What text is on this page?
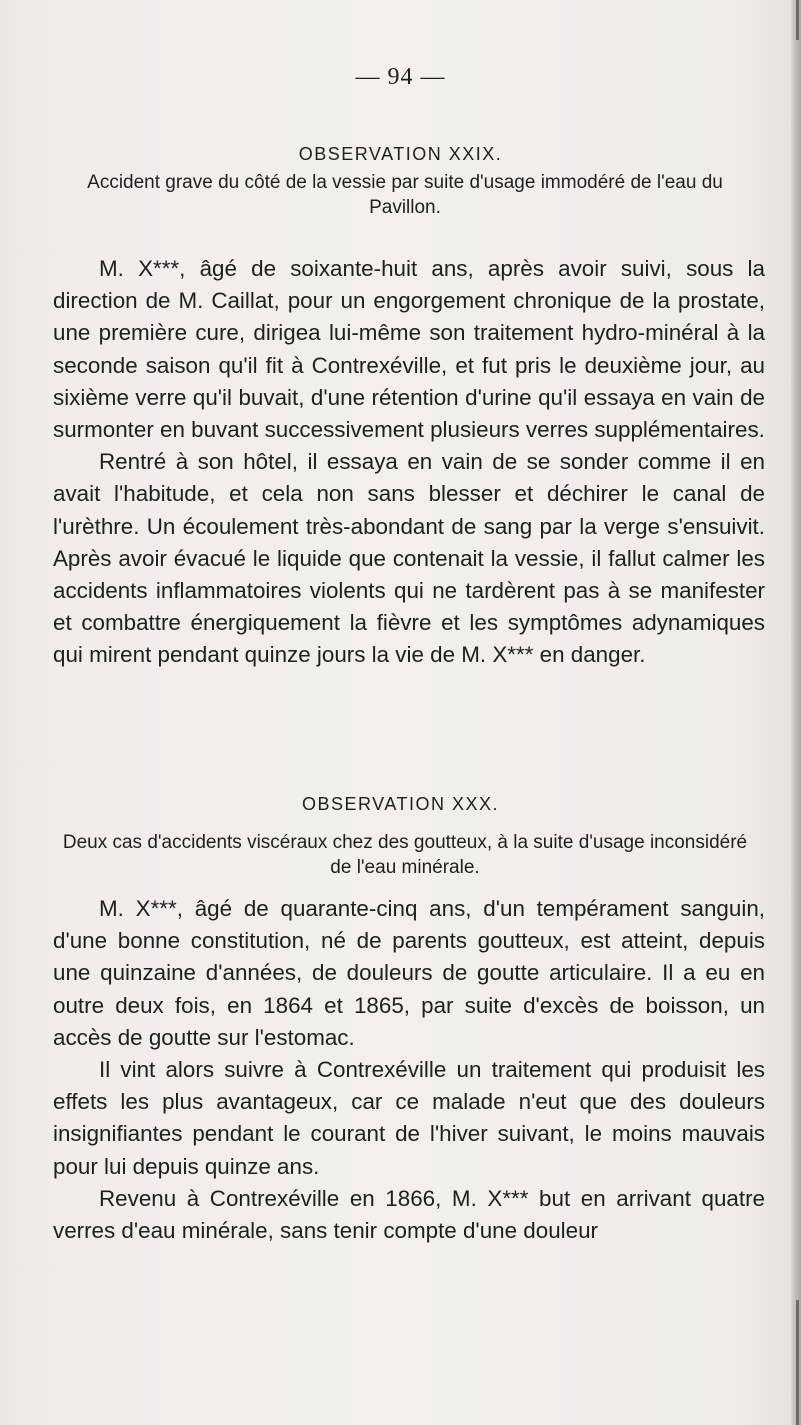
— 94 —
OBSERVATION XXIX.
Accident grave du côté de la vessie par suite d'usage immodéré de l'eau du Pavillon.

M. X***, âgé de soixante-huit ans, après avoir suivi, sous la direction de M. Caillat, pour un engorgement chronique de la prostate, une première cure, dirigea lui-même son traitement hydro-minéral à la seconde saison qu'il fit à Contrexéville, et fut pris le deuxième jour, au sixième verre qu'il buvait, d'une rétention d'urine qu'il essaya en vain de surmonter en buvant successivement plusieurs verres supplémentaires.

Rentré à son hôtel, il essaya en vain de se sonder comme il en avait l'habitude, et cela non sans blesser et déchirer le canal de l'urèthre. Un écoulement très-abondant de sang par la verge s'ensuivit. Après avoir évacué le liquide que contenait la vessie, il fallut calmer les accidents inflammatoires violents qui ne tardèrent pas à se manifester et combattre énergiquement la fièvre et les symptômes adynamiques qui mirent pendant quinze jours la vie de M. X*** en danger.

OBSERVATION XXX.
Deux cas d'accidents viscéraux chez des goutteux, à la suite d'usage inconsidéré de l'eau minérale.

M. X***, âgé de quarante-cinq ans, d'un tempérament sanguin, d'une bonne constitution, né de parents goutteux, est atteint, depuis une quinzaine d'années, de douleurs de goutte articulaire. Il a eu en outre deux fois, en 1864 et 1865, par suite d'excès de boisson, un accès de goutte sur l'estomac.

Il vint alors suivre à Contrexéville un traitement qui produisit les effets les plus avantageux, car ce malade n'eut que des douleurs insignifiantes pendant le courant de l'hiver suivant, le moins mauvais pour lui depuis quinze ans.

Revenu à Contrexéville en 1866, M. X*** but en arrivant quatre verres d'eau minérale, sans tenir compte d'une douleur
